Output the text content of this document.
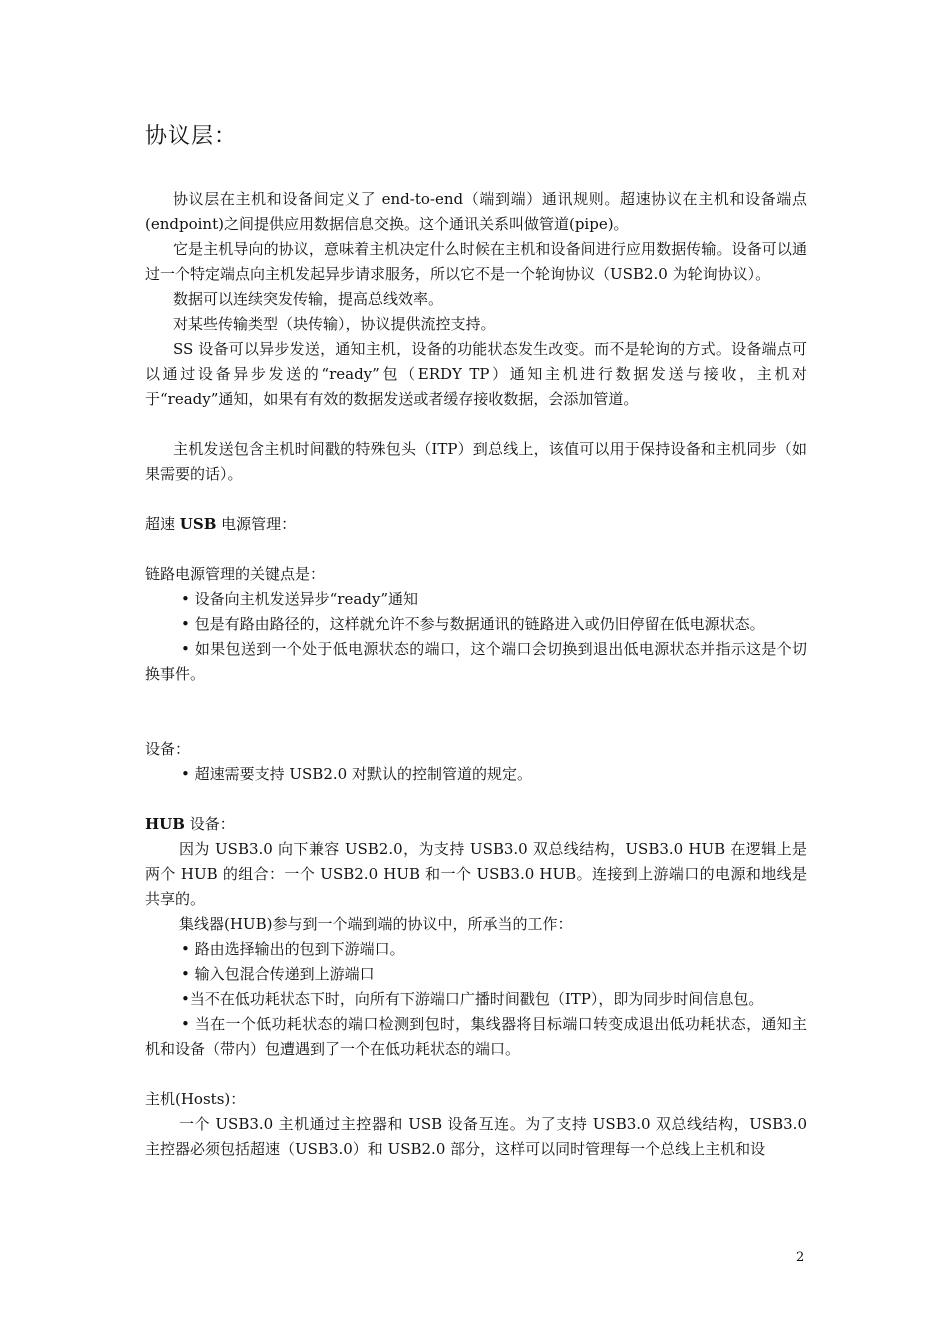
协议层：

协议层在主机和设备间定义了 end-to-end（端到端）通讯规则。超速协议在主机和设备端点(endpoint)之间提供应用数据信息交换。这个通讯关系叫做管道(pipe)。

它是主机导向的协议，意味着主机决定什么时候在主机和设备间进行应用数据传输。设备可以通过一个特定端点向主机发起异步请求服务，所以它不是一个轮询协议（USB2.0 为轮询协议）。

数据可以连续突发传输，提高总线效率。

对某些传输类型（块传输），协议提供流控支持。

SS 设备可以异步发送，通知主机，设备的功能状态发生改变。而不是轮询的方式。设备端点可以通过设备异步发送的“ready”包（ERDY TP）通知主机进行数据发送与接收，主机对于“ready”通知，如果有有效的数据发送或者缓存接收数据，会添加管道。

主机发送包含主机时间戳的特殊包头（ITP）到总线上，该值可以用于保持设备和主机同步（如果需要的话）。

超速 USB 电源管理：

链路电源管理的关键点是：

• 设备向主机发送异步“ready”通知

• 包是有路由路径的，这样就允许不参与数据通讯的链路进入或仍旧停留在低电源状态。

• 如果包送到一个处于低电源状态的端口，这个端口会切换到退出低电源状态并指示这是个切换事件。

设备：

• 超速需要支持 USB2.0 对默认的控制管道的规定。

HUB 设备：

因为 USB3.0 向下兼容 USB2.0，为支持 USB3.0 双总线结构，USB3.0 HUB 在逻辑上是两个 HUB 的组合：一个 USB2.0 HUB 和一个 USB3.0 HUB。连接到上游端口的电源和地线是共享的。

集线器(HUB)参与到一个端到端的协议中，所承当的工作：

• 路由选择输出的包到下游端口。

• 输入包混合传递到上游端口

•当不在低功耗状态下时，向所有下游端口广播时间戳包（ITP），即为同步时间信息包。

• 当在一个低功耗状态的端口检测到包时，集线器将目标端口转变成退出低功耗状态，通知主机和设备（带内）包遭遇到了一个在低功耗状态的端口。

主机(Hosts)：

一个 USB3.0 主机通过主控器和 USB 设备互连。为了支持 USB3.0 双总线结构，USB3.0 主控器必须包括超速（USB3.0）和 USB2.0 部分，这样可以同时管理每一个总线上主机和设

2
